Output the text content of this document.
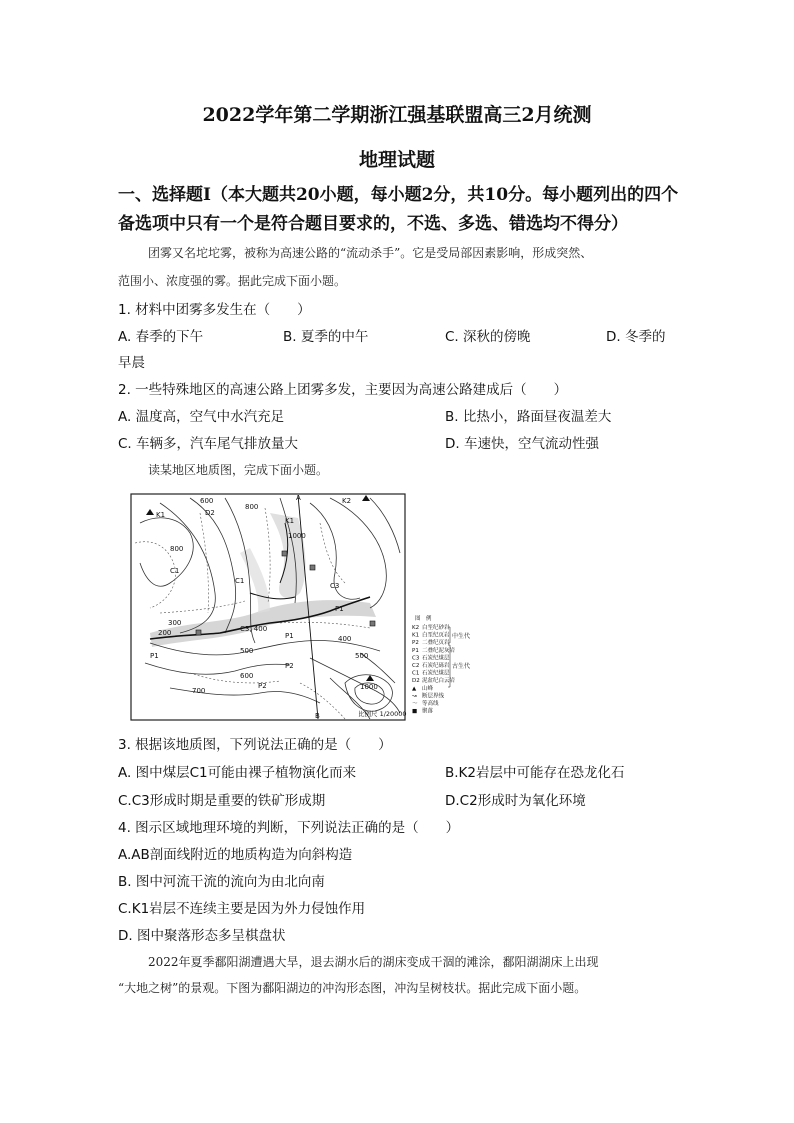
2022学年第二学期浙江强基联盟高三2月统测
地理试题
一、选择题Ⅰ（本大题共20小题，每小题2分，共10分。每小题列出的四个
备选项中只有一个是符合题目要求的，不选、多选、错选均不得分）
团雾又名坨坨雾，被称为高速公路的“流动杀手”。它是受局部因素影响，形成突然、
范围小、浓度强的雾。据此完成下面小题。
1. 材料中团雾多发生在（　　）
A. 春季的下午	B. 夏季的中午	C. 深秋的傍晚	D. 冬季的
早晨
2. 一些特殊地区的高速公路上团雾多发，主要因为高速公路建成后（　　）
A. 温度高，空气中水汽充足	B. 比热小，路面昼夜温差大
C. 车辆多，汽车尾气排放量大	D. 车速快，空气流动性强
读某地区地质图，完成下面小题。
A
B
K1
K2
K1
C1
C1
C3
P1
P1
P2
P2
P1
C3, 400
600
D2
800
1000
800
300
200
500
400
500
600
700	1000
比例尺 1/20000
图　例
K2 白垩纪砂岩
K1 白垩纪页岩
P2 二叠纪页岩
P1 二叠纪泥灰岩
C3 石炭纪煤层
C2 石炭纪砾岩
C1 石炭纪煤层
D2 泥盆纪白云岩
▲ 山峰
↝ 断层界线
～ 等高线
■ 聚落
中生代
古生代
3. 根据该地质图，下列说法正确的是（　　）
A. 图中煤层C1可能由裸子植物演化而来	B.K2岩层中可能存在恐龙化石
C.C3形成时期是重要的铁矿形成期	D.C2形成时为氧化环境
4. 图示区域地理环境的判断，下列说法正确的是（　　）
A.AB剖面线附近的地质构造为向斜构造
B. 图中河流干流的流向为由北向南
C.K1岩层不连续主要是因为外力侵蚀作用
D. 图中聚落形态多呈棋盘状
2022年夏季鄱阳湖遭遇大旱，退去湖水后的湖床变成干涸的滩涂，鄱阳湖湖床上出现
“大地之树”的景观。下图为鄱阳湖边的冲沟形态图，冲沟呈树枝状。据此完成下面小题。
